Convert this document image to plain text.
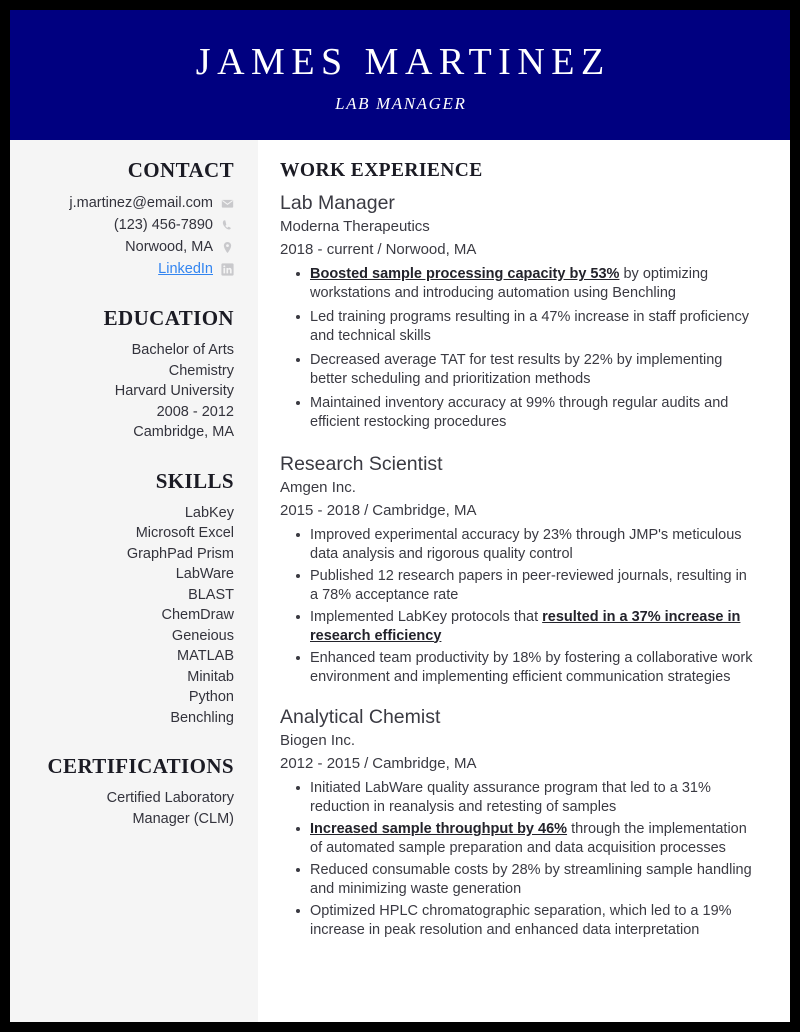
JAMES MARTINEZ
LAB MANAGER
CONTACT
j.martinez@email.com
(123) 456-7890
Norwood, MA
LinkedIn
EDUCATION
Bachelor of Arts
Chemistry
Harvard University
2008 - 2012
Cambridge, MA
SKILLS
LabKey
Microsoft Excel
GraphPad Prism
LabWare
BLAST
ChemDraw
Geneious
MATLAB
Minitab
Python
Benchling
CERTIFICATIONS
Certified Laboratory
Manager (CLM)
WORK EXPERIENCE
Lab Manager
Moderna Therapeutics
2018 - current / Norwood, MA
Boosted sample processing capacity by 53% by optimizing workstations and introducing automation using Benchling
Led training programs resulting in a 47% increase in staff proficiency and technical skills
Decreased average TAT for test results by 22% by implementing better scheduling and prioritization methods
Maintained inventory accuracy at 99% through regular audits and efficient restocking procedures
Research Scientist
Amgen Inc.
2015 - 2018 / Cambridge, MA
Improved experimental accuracy by 23% through JMP's meticulous data analysis and rigorous quality control
Published 12 research papers in peer-reviewed journals, resulting in a 78% acceptance rate
Implemented LabKey protocols that resulted in a 37% increase in research efficiency
Enhanced team productivity by 18% by fostering a collaborative work environment and implementing efficient communication strategies
Analytical Chemist
Biogen Inc.
2012 - 2015 / Cambridge, MA
Initiated LabWare quality assurance program that led to a 31% reduction in reanalysis and retesting of samples
Increased sample throughput by 46% through the implementation of automated sample preparation and data acquisition processes
Reduced consumable costs by 28% by streamlining sample handling and minimizing waste generation
Optimized HPLC chromatographic separation, which led to a 19% increase in peak resolution and enhanced data interpretation
